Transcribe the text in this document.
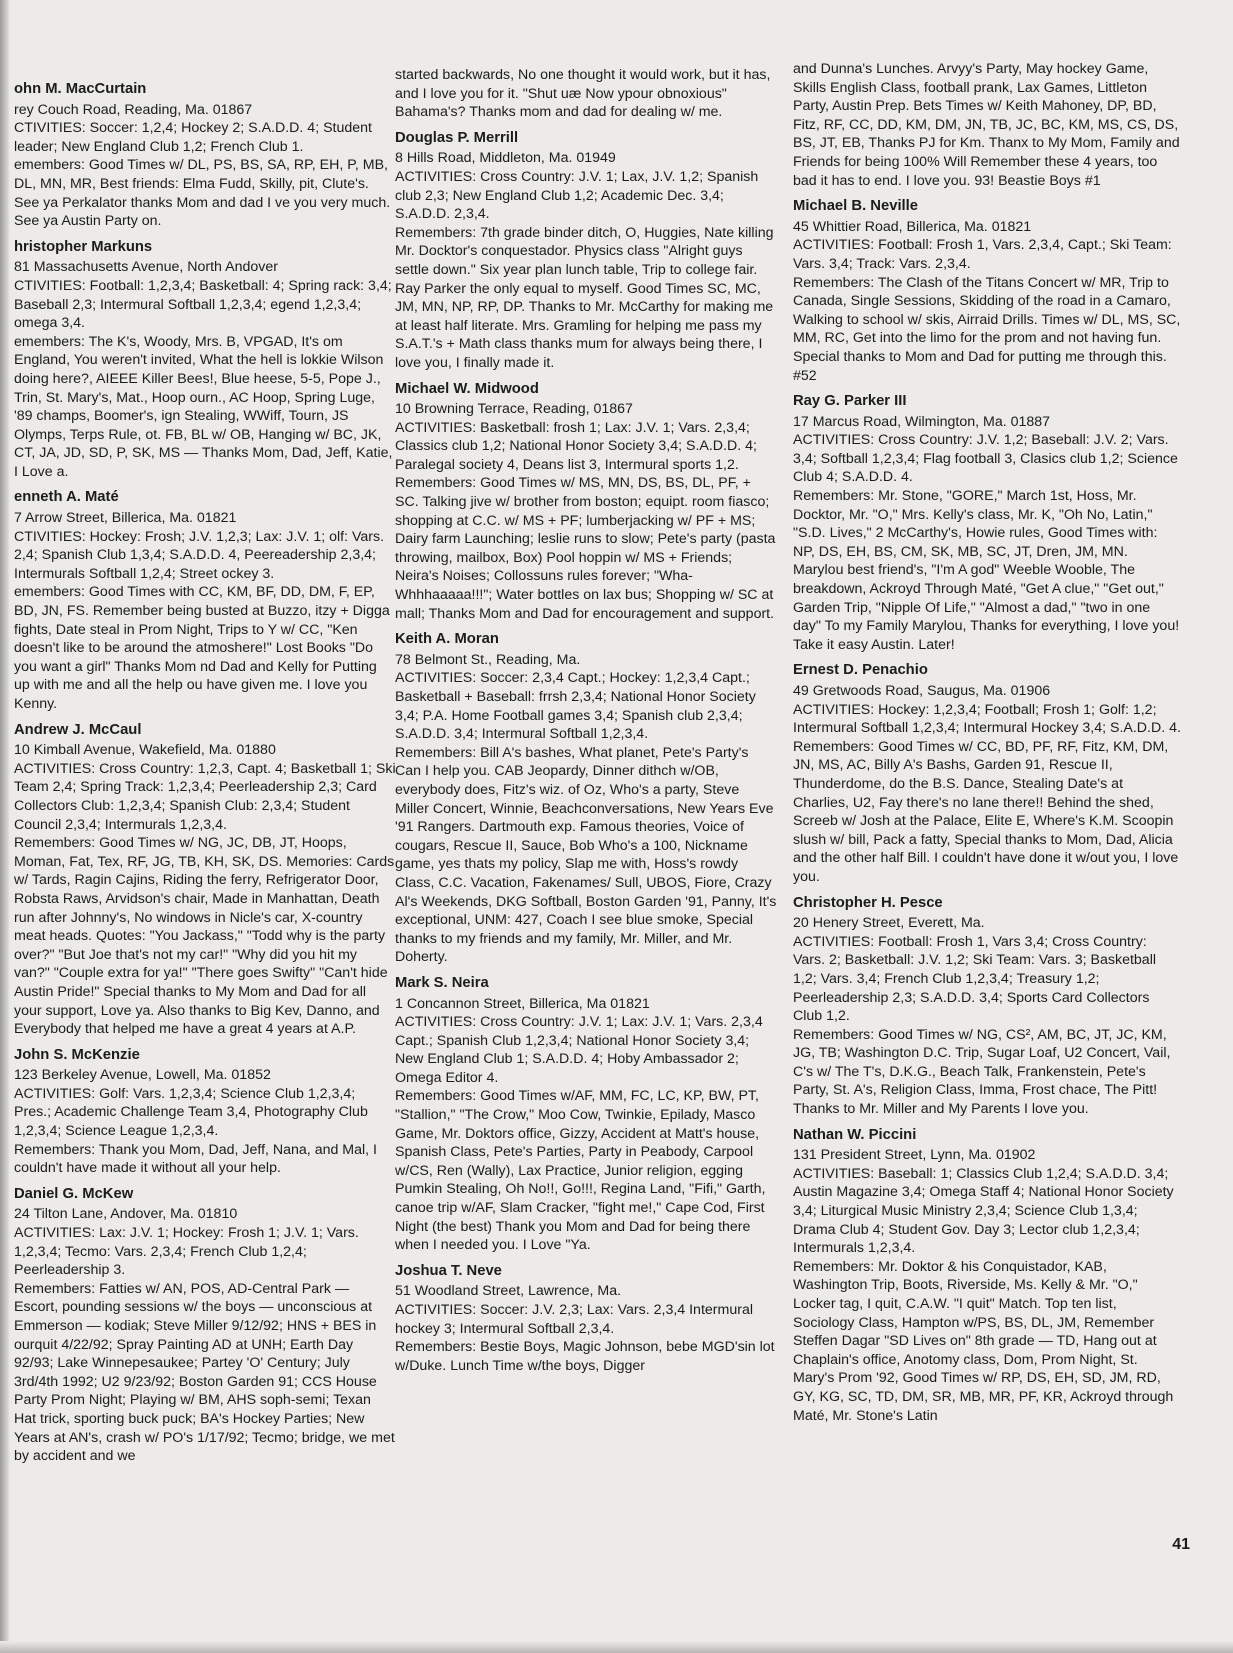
ohn M. MacCurtain
rey Couch Road, Reading, Ma. 01867
CTIVITIES: Soccer: 1,2,4; Hockey 2; S.A.D.D. 4; Student leader; New England Club 1,2; French Club 1.
emembers: Good Times w/ DL, PS, BS, SA, RP, EH, P, MB, DL, MN, MR, Best friends: Elma Fudd, Skilly, pit, Clute's. See ya Perkalator thanks Mom and dad I ve you very much. See ya Austin Party on.
hristopher Markuns
81 Massachusetts Avenue, North Andover
CTIVITIES: Football: 1,2,3,4; Basketball: 4; Spring rack: 3,4; Baseball 2,3; Intermural Softball 1,2,3,4; egend 1,2,3,4; omega 3,4.
emembers: The K's, Woody, Mrs. B, VPGAD, It's om England, You weren't invited, What the hell is lokkie Wilson doing here?, AIEEE Killer Bees!, Blue heese, 5-5, Pope J., Trin, St. Mary's, Mat., Hoop ourn., AC Hoop, Spring Luge, '89 champs, Boomer's, ign Stealing, WWiff, Tourn, JS Olymps, Terps Rule, ot. FB, BL w/ OB, Hanging w/ BC, JK, CT, JA, JD, SD, P, SK, MS — Thanks Mom, Dad, Jeff, Katie, I Love a.
enneth A. Maté
7 Arrow Street, Billerica, Ma. 01821
CTIVITIES: Hockey: Frosh; J.V. 1,2,3; Lax: J.V. 1; olf: Vars. 2,4; Spanish Club 1,3,4; S.A.D.D. 4, Peereadership 2,3,4; Intermurals Softball 1,2,4; Street ockey 3.
emembers: Good Times with CC, KM, BF, DD, DM, F, EP, BD, JN, FS. Remember being busted at Buzzo, itzy + Digga fights, Date steal in Prom Night, Trips to Y w/ CC, "Ken doesn't like to be around the atmoshere!" Lost Books "Do you want a girl" Thanks Mom nd Dad and Kelly for Putting up with me and all the help ou have given me. I love you Kenny.
Andrew J. McCaul
10 Kimball Avenue, Wakefield, Ma. 01880
ACTIVITIES: Cross Country: 1,2,3, Capt. 4; Basketball 1; Ski Team 2,4; Spring Track: 1,2,3,4; Peerleadership 2,3; Card Collectors Club: 1,2,3,4; Spanish Club: 2,3,4; Student Council 2,3,4; Intermurals 1,2,3,4.
Remembers: Good Times w/ NG, JC, DB, JT, Hoops, Moman, Fat, Tex, RF, JG, TB, KH, SK, DS. Memories: Cards w/ Tards, Ragin Cajins, Riding the ferry, Refrigerator Door, Robsta Raws, Arvidson's chair, Made in Manhattan, Death run after Johnny's, No windows in Nicle's car, X-country meat heads. Quotes: "You Jackass," "Todd why is the party over?" "But Joe that's not my car!" "Why did you hit my van?" "Couple extra for ya!" "There goes Swifty" "Can't hide Austin Pride!" Special thanks to My Mom and Dad for all your support, Love ya. Also thanks to Big Kev, Danno, and Everybody that helped me have a great 4 years at A.P.
John S. McKenzie
123 Berkeley Avenue, Lowell, Ma. 01852
ACTIVITIES: Golf: Vars. 1,2,3,4; Science Club 1,2,3,4; Pres.; Academic Challenge Team 3,4, Photography Club 1,2,3,4; Science League 1,2,3,4.
Remembers: Thank you Mom, Dad, Jeff, Nana, and Mal, I couldn't have made it without all your help.
Daniel G. McKew
24 Tilton Lane, Andover, Ma. 01810
ACTIVITIES: Lax: J.V. 1; Hockey: Frosh 1; J.V. 1; Vars. 1,2,3,4; Tecmo: Vars. 2,3,4; French Club 1,2,4; Peerleadership 3.
Remembers: Fatties w/ AN, POS, AD-Central Park — Escort, pounding sessions w/ the boys — unconscious at Emmerson — kodiak; Steve Miller 9/12/92; HNS + BES in ourquit 4/22/92; Spray Painting AD at UNH; Earth Day 92/93; Lake Winnepesaukee; Partey 'O' Century; July 3rd/4th 1992; U2 9/23/92; Boston Garden 91; CCS House Party Prom Night; Playing w/ BM, AHS soph-semi; Texan Hat trick, sporting buck puck; BA's Hockey Parties; New Years at AN's, crash w/ PO's 1/17/92; Tecmo; bridge, we met by accident and we
started backwards, No one thought it would work, but it has, and I love you for it. "Shut uæ Now ypour obnoxious" Bahama's? Thanks mom and dad for dealing w/ me.
Douglas P. Merrill
8 Hills Road, Middleton, Ma. 01949
ACTIVITIES: Cross Country: J.V. 1; Lax, J.V. 1,2; Spanish club 2,3; New England Club 1,2; Academic Dec. 3,4; S.A.D.D. 2,3,4.
Remembers: 7th grade binder ditch, O, Huggies, Nate killing Mr. Docktor's conquestador. Physics class "Alright guys settle down." Six year plan lunch table, Trip to college fair. Ray Parker the only equal to myself. Good Times SC, MC, JM, MN, NP, RP, DP. Thanks to Mr. McCarthy for making me at least half literate. Mrs. Gramling for helping me pass my S.A.T.'s + Math class thanks mum for always being there, I love you, I finally made it.
Michael W. Midwood
10 Browning Terrace, Reading, 01867
ACTIVITIES: Basketball: frosh 1; Lax: J.V. 1; Vars. 2,3,4; Classics club 1,2; National Honor Society 3,4; S.A.D.D. 4; Paralegal society 4, Deans list 3, Intermural sports 1,2.
Remembers: Good Times w/ MS, MN, DS, BS, DL, PF, + SC. Talking jive w/ brother from boston; equipt. room fiasco; shopping at C.C. w/ MS + PF; lumberjacking w/ PF + MS; Dairy farm Launching; leslie runs to slow; Pete's party (pasta throwing, mailbox, Box) Pool hoppin w/ MS + Friends; Neira's Noises; Collossuns rules forever; "Wha-Whhhaaaaa!!!"; Water bottles on lax bus; Shopping w/ SC at mall; Thanks Mom and Dad for encouragement and support.
Keith A. Moran
78 Belmont St., Reading, Ma.
ACTIVITIES: Soccer: 2,3,4 Capt.; Hockey: 1,2,3,4 Capt.; Basketball + Baseball: frrsh 2,3,4; National Honor Society 3,4; P.A. Home Football games 3,4; Spanish club 2,3,4; S.A.D.D. 3,4; Intermural Softball 1,2,3,4.
Remembers: Bill A's bashes, What planet, Pete's Party's Can I help you. CAB Jeopardy, Dinner dithch w/OB, everybody does, Fitz's wiz. of Oz, Who's a party, Steve Miller Concert, Winnie, Beachconversations, New Years Eve '91 Rangers. Dartmouth exp. Famous theories, Voice of cougars, Rescue II, Sauce, Bob Who's a 100, Nickname game, yes thats my policy, Slap me with, Hoss's rowdy Class, C.C. Vacation, Fakenames/ Sull, UBOS, Fiore, Crazy Al's Weekends, DKG Softball, Boston Garden '91, Panny, It's exceptional, UNM: 427, Coach I see blue smoke, Special thanks to my friends and my family, Mr. Miller, and Mr. Doherty.
Mark S. Neira
1 Concannon Street, Billerica, Ma 01821
ACTIVITIES: Cross Country: J.V. 1; Lax: J.V. 1; Vars. 2,3,4 Capt.; Spanish Club 1,2,3,4; National Honor Society 3,4; New England Club 1; S.A.D.D. 4; Hoby Ambassador 2; Omega Editor 4.
Remembers: Good Times w/AF, MM, FC, LC, KP, BW, PT, "Stallion," "The Crow," Moo Cow, Twinkie, Epilady, Masco Game, Mr. Doktors office, Gizzy, Accident at Matt's house, Spanish Class, Pete's Parties, Party in Peabody, Carpool w/CS, Ren (Wally), Lax Practice, Junior religion, egging Pumkin Stealing, Oh No!!, Go!!!, Regina Land, "Fifi," Garth, canoe trip w/AF, Slam Cracker, "fight me!," Cape Cod, First Night (the best) Thank you Mom and Dad for being there when I needed you. I Love "Ya.
Joshua T. Neve
51 Woodland Street, Lawrence, Ma.
ACTIVITIES: Soccer: J.V. 2,3; Lax: Vars. 2,3,4 Intermural hockey 3; Intermural Softball 2,3,4.
Remembers: Bestie Boys, Magic Johnson, bebe MGD'sin lot w/Duke. Lunch Time w/the boys, Digger
and Dunna's Lunches. Arvyy's Party, May hockey Game, Skills English Class, football prank, Lax Games, Littleton Party, Austin Prep. Bets Times w/ Keith Mahoney, DP, BD, Fitz, RF, CC, DD, KM, DM, JN, TB, JC, BC, KM, MS, CS, DS, BS, JT, EB, Thanks PJ for Km. Thanx to My Mom, Family and Friends for being 100% Will Remember these 4 years, too bad it has to end. I love you. 93! Beastie Boys #1
Michael B. Neville
45 Whittier Road, Billerica, Ma. 01821
ACTIVITIES: Football: Frosh 1, Vars. 2,3,4, Capt.; Ski Team: Vars. 3,4; Track: Vars. 2,3,4.
Remembers: The Clash of the Titans Concert w/ MR, Trip to Canada, Single Sessions, Skidding of the road in a Camaro, Walking to school w/ skis, Airraid Drills. Times w/ DL, MS, SC, MM, RC, Get into the limo for the prom and not having fun. Special thanks to Mom and Dad for putting me through this. #52
Ray G. Parker III
17 Marcus Road, Wilmington, Ma. 01887
ACTIVITIES: Cross Country: J.V. 1,2; Baseball: J.V. 2; Vars. 3,4; Softball 1,2,3,4; Flag football 3, Clasics club 1,2; Science Club 4; S.A.D.D. 4.
Remembers: Mr. Stone, "GORE," March 1st, Hoss, Mr. Docktor, Mr. "O," Mrs. Kelly's class, Mr. K, "Oh No, Latin," "S.D. Lives," 2 McCarthy's, Howie rules, Good Times with: NP, DS, EH, BS, CM, SK, MB, SC, JT, Dren, JM, MN. Marylou best friend's, "I'm A god" Weeble Wooble, The breakdown, Ackroyd Through Maté, "Get A clue," "Get out," Garden Trip, "Nipple Of Life," "Almost a dad," "two in one day" To my Family Marylou, Thanks for everything, I love you! Take it easy Austin. Later!
Ernest D. Penachio
49 Gretwoods Road, Saugus, Ma. 01906
ACTIVITIES: Hockey: 1,2,3,4; Football; Frosh 1; Golf: 1,2; Intermural Softball 1,2,3,4; Intermural Hockey 3,4; S.A.D.D. 4.
Remembers: Good Times w/ CC, BD, PF, RF, Fitz, KM, DM, JN, MS, AC, Billy A's Bashs, Garden 91, Rescue II, Thunderdome, do the B.S. Dance, Stealing Date's at Charlies, U2, Fay there's no lane there!! Behind the shed, Screeb w/ Josh at the Palace, Elite E, Where's K.M. Scoopin slush w/ bill, Pack a fatty, Special thanks to Mom, Dad, Alicia and the other half Bill. I couldn't have done it w/out you, I love you.
Christopher H. Pesce
20 Henery Street, Everett, Ma.
ACTIVITIES: Football: Frosh 1, Vars 3,4; Cross Country: Vars. 2; Basketball: J.V. 1,2; Ski Team: Vars. 3; Basketball 1,2; Vars. 3,4; French Club 1,2,3,4; Treasury 1,2; Peerleadership 2,3; S.A.D.D. 3,4; Sports Card Collectors Club 1,2.
Remembers: Good Times w/ NG, CS², AM, BC, JT, JC, KM, JG, TB; Washington D.C. Trip, Sugar Loaf, U2 Concert, Vail, C's w/ The T's, D.K.G., Beach Talk, Frankenstein, Pete's Party, St. A's, Religion Class, Imma, Frost chace, The Pitt! Thanks to Mr. Miller and My Parents I love you.
Nathan W. Piccini
131 President Street, Lynn, Ma. 01902
ACTIVITIES: Baseball: 1; Classics Club 1,2,4; S.A.D.D. 3,4; Austin Magazine 3,4; Omega Staff 4; National Honor Society 3,4; Liturgical Music Ministry 2,3,4; Science Club 1,3,4; Drama Club 4; Student Gov. Day 3; Lector club 1,2,3,4; Intermurals 1,2,3,4.
Remembers: Mr. Doktor & his Conquistador, KAB, Washington Trip, Boots, Riverside, Ms. Kelly & Mr. "O," Locker tag, I quit, C.A.W. "I quit" Match. Top ten list, Sociology Class, Hampton w/PS, BS, DL, JM, Remember Steffen Dagar "SD Lives on" 8th grade — TD, Hang out at Chaplain's office, Anotomy class, Dom, Prom Night, St. Mary's Prom '92, Good Times w/ RP, DS, EH, SD, JM, RD, GY, KG, SC, TD, DM, SR, MB, MR, PF, KR, Ackroyd through Maté, Mr. Stone's Latin
41
